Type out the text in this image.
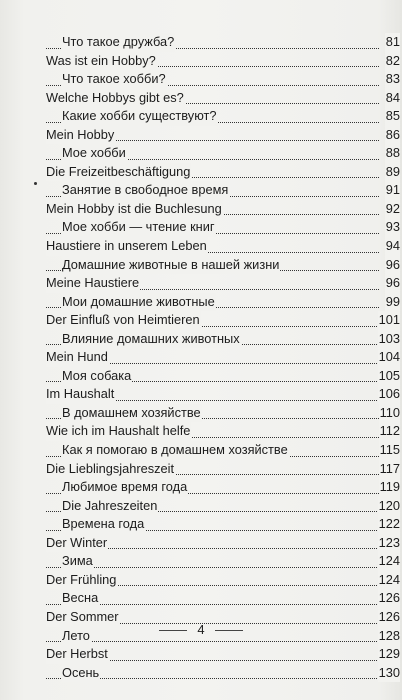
Что такое дружба?	81
Was ist ein Hobby?	82
Что такое хобби?	83
Welche Hobbys gibt es?	84
Какие хобби существуют?	85
Mein Hobby	86
Мое хобби	88
Die Freizeitbeschäftigung	89
Занятие в свободное время	91
Mein Hobby ist die Buchlesung	92
Мое хобби — чтение книг	93
Haustiere in unserem Leben	94
Домашние животные в нашей жизни	96
Meine Haustiere	96
Мои домашние животные	99
Der Einfluß von Heimtieren	101
Влияние домашних животных	103
Mein Hund	104
Моя собака	105
Im Haushalt	106
В домашнем хозяйстве	110
Wie ich im Haushalt helfe	112
Как я помогаю в домашнем хозяйстве	115
Die Lieblingsjahreszeit	117
Любимое время года	119
Die Jahreszeiten	120
Времена года	122
Der Winter	123
Зима	124
Der Frühling	124
Весна	126
Der Sommer	126
Лето	128
Der Herbst	129
Осень	130
4
